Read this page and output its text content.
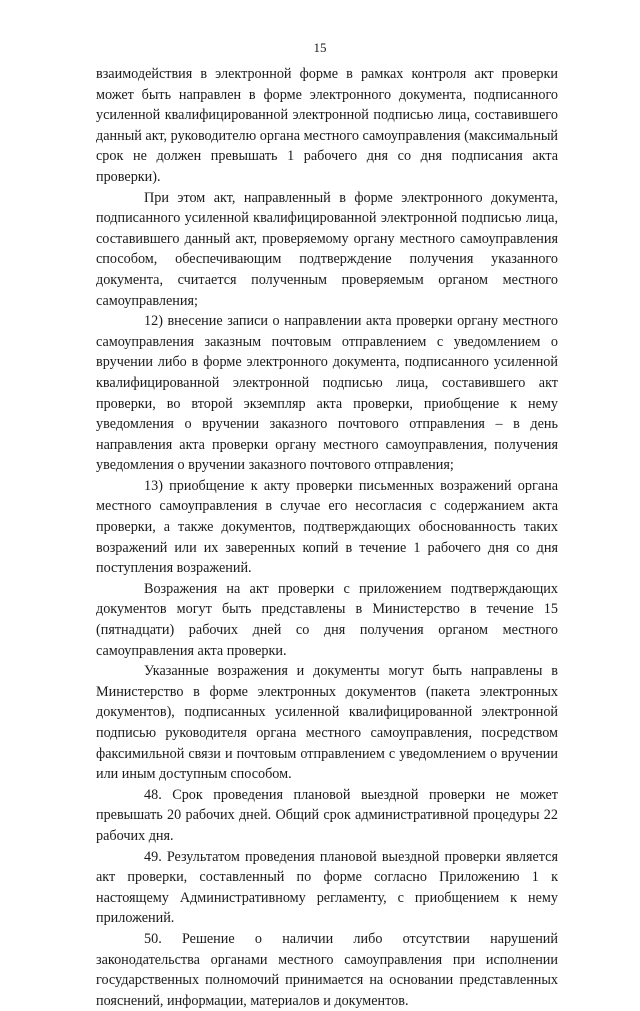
15

взаимодействия в электронной форме в рамках контроля акт проверки может быть направлен в форме электронного документа, подписанного усиленной квалифицированной электронной подписью лица, составившего данный акт, руководителю органа местного самоуправления (максимальный срок не должен превышать 1 рабочего дня со дня подписания акта проверки).

При этом акт, направленный в форме электронного документа, подписанного усиленной квалифицированной электронной подписью лица, составившего данный акт, проверяемому органу местного самоуправления способом, обеспечивающим подтверждение получения указанного документа, считается полученным проверяемым органом местного самоуправления;

12) внесение записи о направлении акта проверки органу местного самоуправления заказным почтовым отправлением с уведомлением о вручении либо в форме электронного документа, подписанного усиленной квалифицированной электронной подписью лица, составившего акт проверки, во второй экземпляр акта проверки, приобщение к нему уведомления о вручении заказного почтового отправления – в день направления акта проверки органу местного самоуправления, получения уведомления о вручении заказного почтового отправления;

13) приобщение к акту проверки письменных возражений органа местного самоуправления в случае его несогласия с содержанием акта проверки, а также документов, подтверждающих обоснованность таких возражений или их заверенных копий в течение 1 рабочего дня со дня поступления возражений.

Возражения на акт проверки с приложением подтверждающих документов могут быть представлены в Министерство в течение 15 (пятнадцати) рабочих дней со дня получения органом местного самоуправления акта проверки.

Указанные возражения и документы могут быть направлены в Министерство в форме электронных документов (пакета электронных документов), подписанных усиленной квалифицированной электронной подписью руководителя органа местного самоуправления, посредством факсимильной связи и почтовым отправлением с уведомлением о вручении или иным доступным способом.

48. Срок проведения плановой выездной проверки не может превышать 20 рабочих дней. Общий срок административной процедуры 22 рабочих дня.

49. Результатом проведения плановой выездной проверки является акт проверки, составленный по форме согласно Приложению 1 к настоящему Административному регламенту, с приобщением к нему приложений.

50. Решение о наличии либо отсутствии нарушений законодательства органами местного самоуправления при исполнении государственных полномочий принимается на основании представленных пояснений, информации, материалов и документов.
